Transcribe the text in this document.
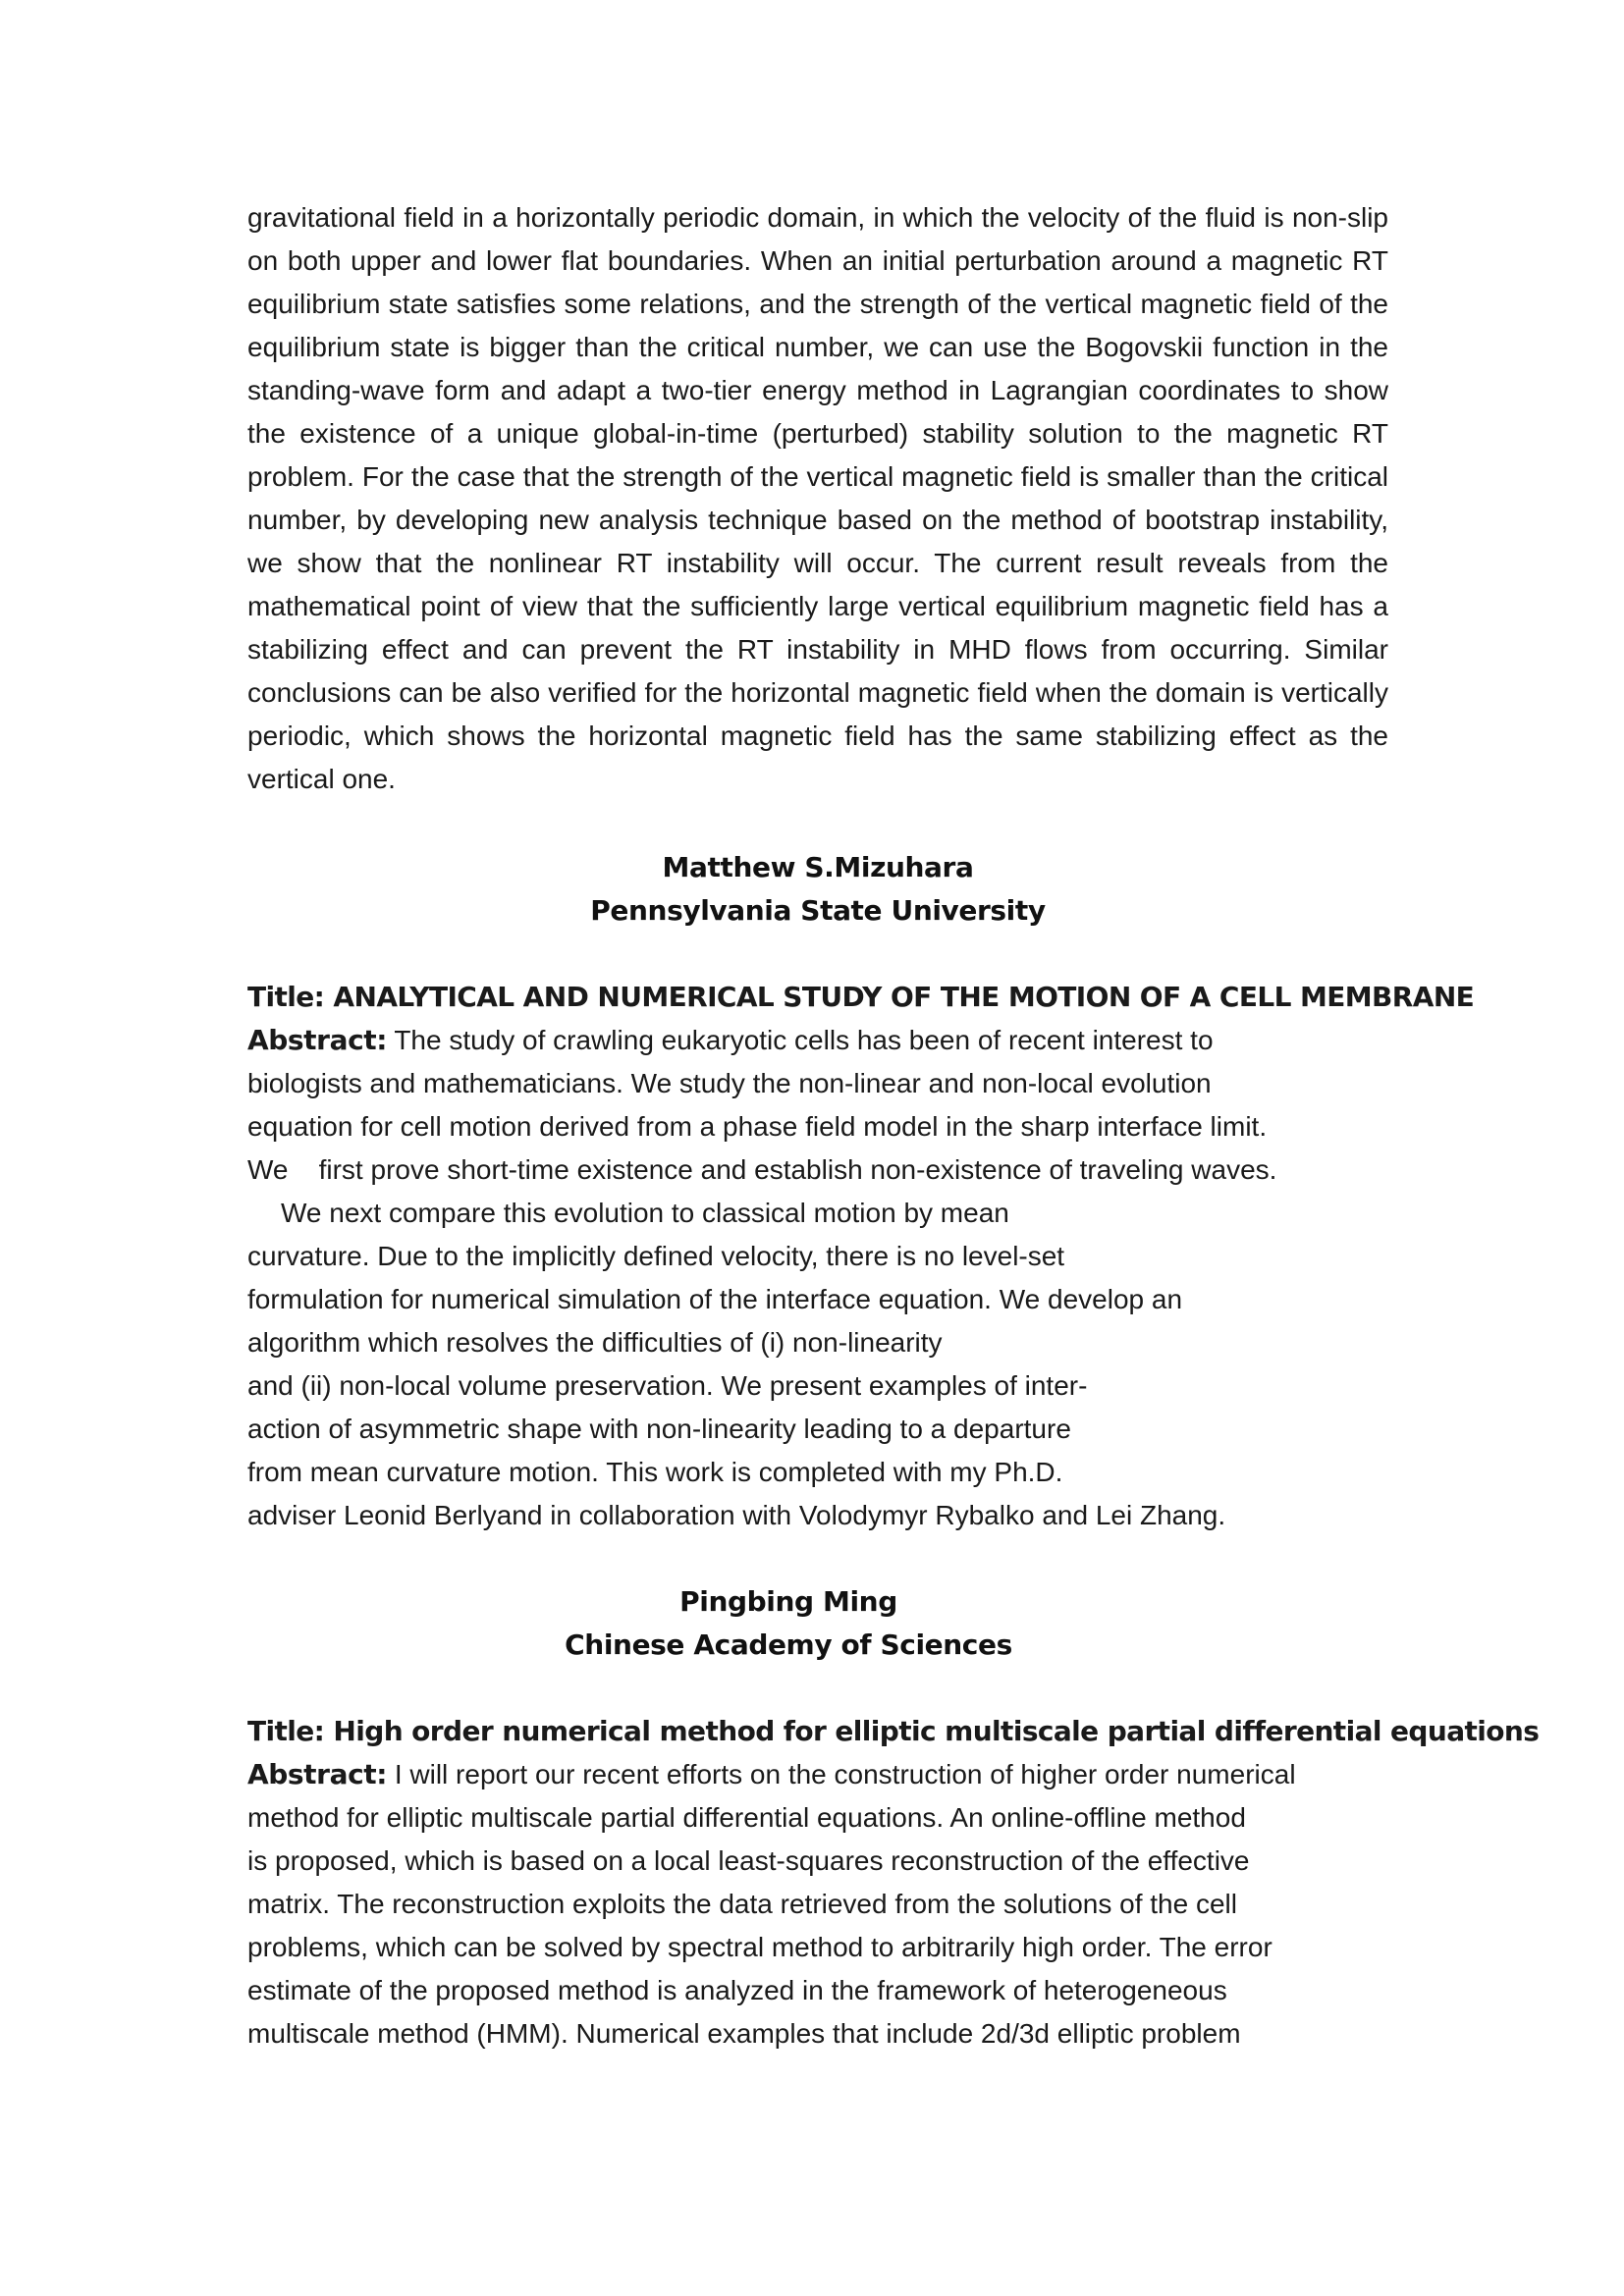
gravitational field in a horizontally periodic domain, in which the velocity of the fluid is non-slip on both upper and lower flat boundaries. When an initial perturbation around a magnetic RT equilibrium state satisfies some relations, and the strength of the vertical magnetic field of the equilibrium state is bigger than the critical number, we can use the Bogovskii function in the standing-wave form and adapt a two-tier energy method in Lagrangian coordinates to show the existence of a unique global-in-time (perturbed) stability solution to the magnetic RT problem. For the case that the strength of the vertical magnetic field is smaller than the critical number, by developing new analysis technique based on the method of bootstrap instability, we show that the nonlinear RT instability will occur. The current result reveals from the mathematical point of view that the sufficiently large vertical equilibrium magnetic field has a stabilizing effect and can prevent the RT instability in MHD flows from occurring. Similar conclusions can be also verified for the horizontal magnetic field when the domain is vertically periodic, which shows the horizontal magnetic field has the same stabilizing effect as the vertical one.

Matthew S.Mizuhara
Pennsylvania State University

Title: ANALYTICAL AND NUMERICAL STUDY OF THE MOTION OF A CELL MEMBRANE

Abstract: The study of crawling eukaryotic cells has been of recent interest to
biologists and mathematicians. We study the non-linear and non-local evolution
equation for cell motion derived from a phase field model in the sharp interface limit.
We    first prove short-time existence and establish non-existence of traveling waves.
We next compare this evolution to classical motion by mean
curvature. Due to the implicitly defined velocity, there is no level-set
formulation for numerical simulation of the interface equation. We develop an
algorithm which resolves the difficulties of (i) non-linearity
and (ii) non-local volume preservation. We present examples of inter-
action of asymmetric shape with non-linearity leading to a departure
from mean curvature motion. This work is completed with my Ph.D.
adviser Leonid Berlyand in collaboration with Volodymyr Rybalko and Lei Zhang.

Pingbing Ming
Chinese Academy of Sciences

Title: High order numerical method for elliptic multiscale partial differential equations

Abstract: I will report our recent efforts on the construction of higher order numerical
method for elliptic multiscale partial differential equations. An online-offline method
is proposed, which is based on a local least-squares reconstruction of the effective
matrix. The reconstruction exploits the data retrieved from the solutions of the cell
problems, which can be solved by spectral method to arbitrarily high order. The error
estimate of the proposed method is analyzed in the framework of heterogeneous
multiscale method (HMM). Numerical examples that include 2d/3d elliptic problem
